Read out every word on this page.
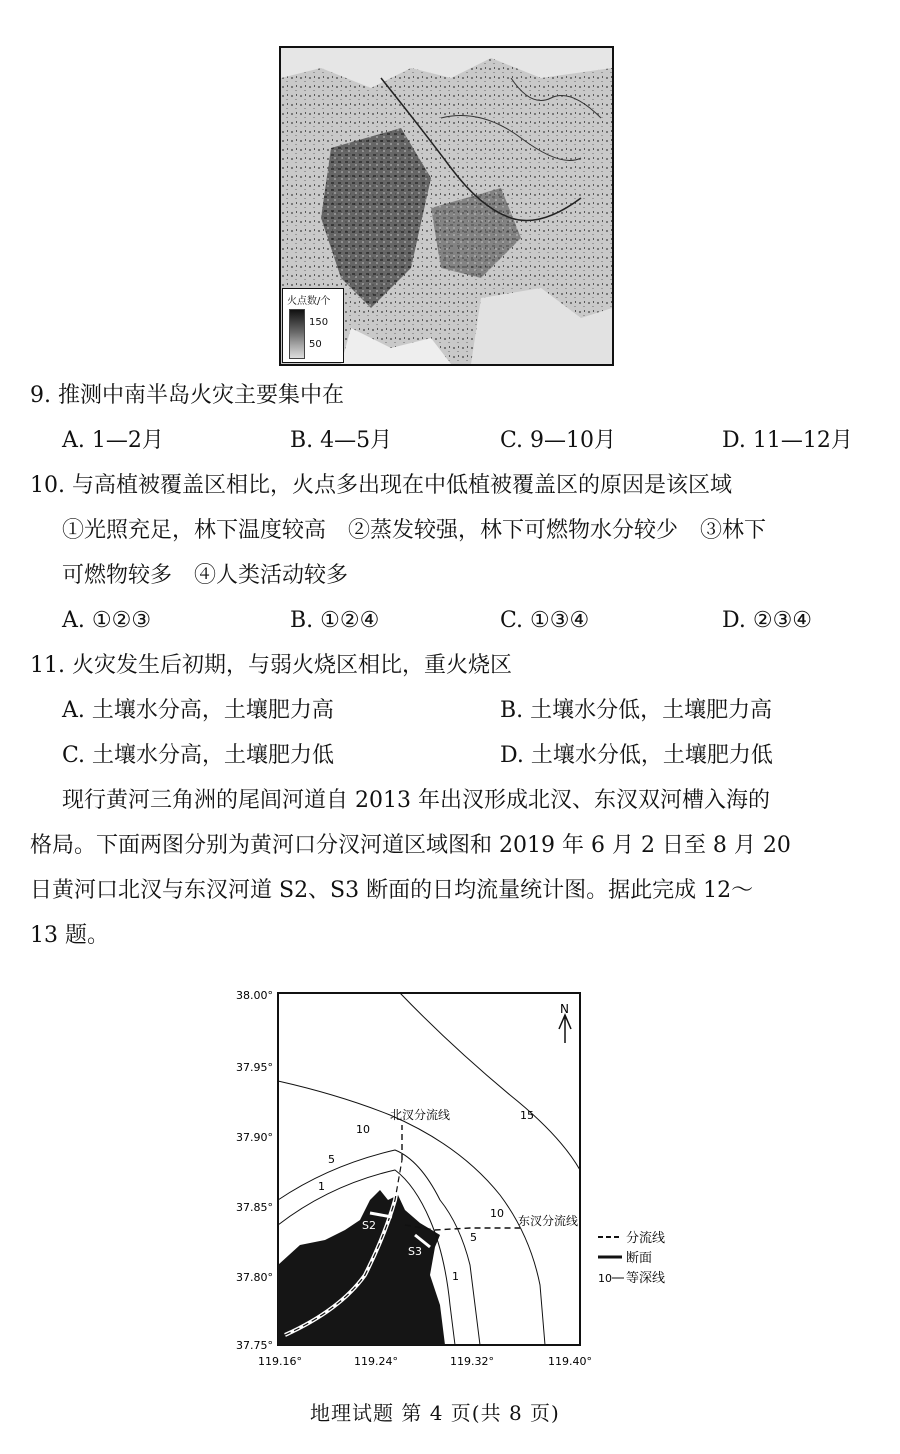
火点数/个
150
50
9. 推测中南半岛火灾主要集中在
A. 1—2月	B. 4—5月	C. 9—10月	D. 11—12月
10. 与高植被覆盖区相比，火点多出现在中低植被覆盖区的原因是该区域
①光照充足，林下温度较高　②蒸发较强，林下可燃物水分较少　③林下
可燃物较多　④人类活动较多
A. ①②③	B. ①②④	C. ①③④	D. ②③④
11. 火灾发生后初期，与弱火烧区相比，重火烧区
A. 土壤水分高，土壤肥力高	B. 土壤水分低，土壤肥力高
C. 土壤水分高，土壤肥力低	D. 土壤水分低，土壤肥力低
现行黄河三角洲的尾闾河道自 2013 年出汊形成北汊、东汊双河槽入海的
格局。下面两图分别为黄河口分汊河道区域图和 2019 年 6 月 2 日至 8 月 20
日黄河口北汊与东汊河道 S2、S3 断面的日均流量统计图。据此完成 12～
13 题。
38.00°
37.95°
37.90°
37.85°
37.80°
37.75°
119.16°	119.24°	119.32°	119.40°
N
10
15
5
1
10
1
5
北汊分流线
东汊分流线
S2
S3
分流线
断面
10 等深线
地理试题 第 4 页(共 8 页)
